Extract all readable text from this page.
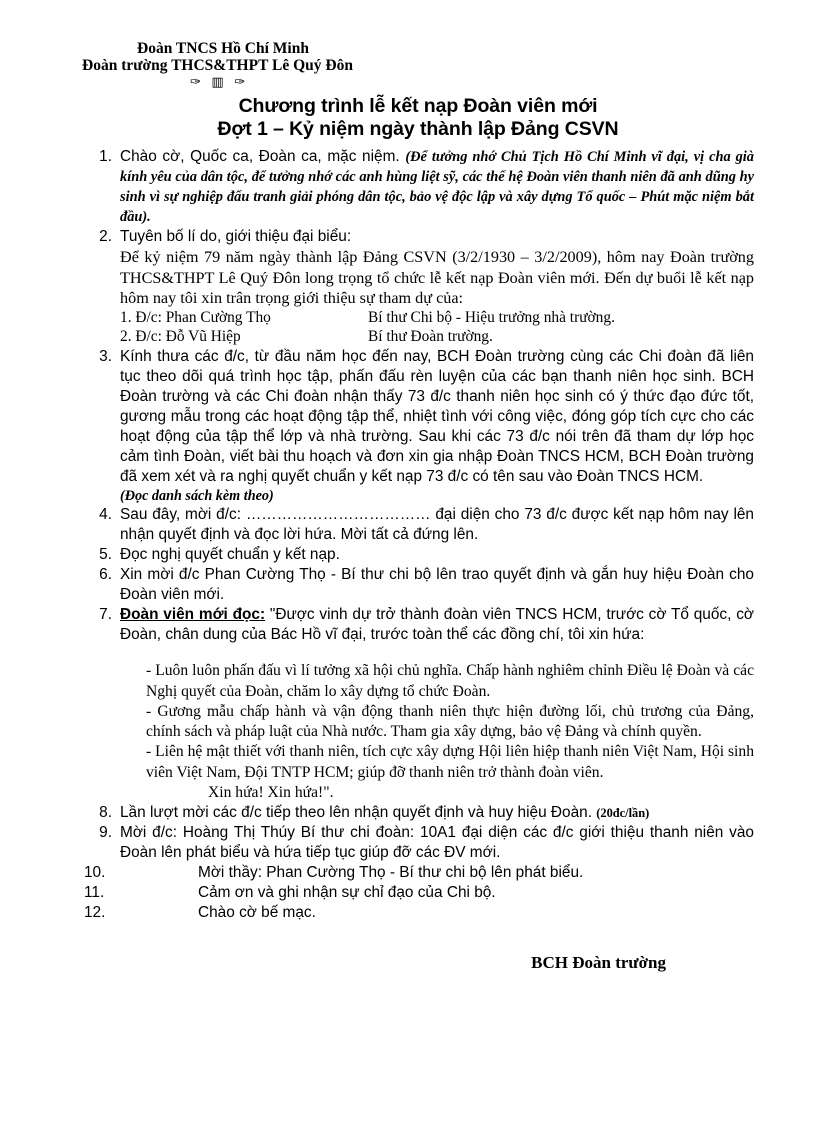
Đoàn TNCS Hồ Chí Minh
Đoàn trường THCS&THPT Lê Quý Đôn
✑ ▥ ✑
Chương trình lễ kết nạp Đoàn viên mới
Đợt 1 – Kỷ niệm ngày thành lập Đảng CSVN
1. Chào cờ, Quốc ca, Đoàn ca, mặc niệm. (Để tưởng nhớ Chủ Tịch Hồ Chí Minh vĩ đại, vị cha già kính yêu của dân tộc, để tưởng nhớ các anh hùng liệt sỹ, các thế hệ Đoàn viên thanh niên đã anh dũng hy sinh vì sự nghiệp đấu tranh giải phóng dân tộc, bảo vệ độc lập và xây dựng Tổ quốc – Phút mặc niệm bắt đầu).
2. Tuyên bố lí do, giới thiệu đại biểu:
Để kỷ niệm 79 năm ngày thành lập Đảng CSVN (3/2/1930 – 3/2/2009), hôm nay Đoàn trường THCS&THPT Lê Quý Đôn long trọng tổ chức lễ kết nạp Đoàn viên mới. Đến dự buổi lễ kết nạp hôm nay tôi xin trân trọng giới thiệu sự tham dự của:
1. Đ/c: Phan Cường Thọ	Bí thư Chi bộ - Hiệu trưởng nhà trường.
2. Đ/c: Đỗ Vũ Hiệp	Bí thư Đoàn trường.
3. Kính thưa các đ/c, từ đầu năm học đến nay, BCH Đoàn trường cùng các Chi đoàn đã liên tục theo dõi quá trình học tập, phấn đấu rèn luyện của các bạn thanh niên học sinh. BCH Đoàn trường và các Chi đoàn nhận thấy 73 đ/c thanh niên học sinh có ý thức đạo đức tốt, gương mẫu trong các hoạt động tập thể, nhiệt tình với công việc, đóng góp tích cực cho các hoạt động của tập thể lớp và nhà trường. Sau khi các 73 đ/c nói trên đã tham dự lớp học cảm tình Đoàn, viết bài thu hoạch và đơn xin gia nhập Đoàn TNCS HCM, BCH Đoàn trường đã xem xét và ra nghị quyết chuẩn y kết nạp 73 đ/c có tên sau vào Đoàn TNCS HCM.
(Đọc danh sách kèm theo)
4. Sau đây, mời đ/c: ……………………………… đại diện cho 73 đ/c được kết nạp hôm nay lên nhận quyết định và đọc lời hứa. Mời tất cả đứng lên.
5. Đọc nghị quyết chuẩn y kết nạp.
6. Xin mời đ/c Phan Cường Thọ - Bí thư chi bộ lên trao quyết định và gắn huy hiệu Đoàn cho Đoàn viên mới.
7. Đoàn viên mới đọc: "Được vinh dự trở thành đoàn viên TNCS HCM, trước cờ Tổ quốc, cờ Đoàn, chân dung của Bác Hồ vĩ đại, trước toàn thể các đồng chí, tôi xin hứa:

- Luôn luôn phấn đấu vì lí tưởng xã hội chủ nghĩa. Chấp hành nghiêm chỉnh Điều lệ Đoàn và các Nghị quyết của Đoàn, chăm lo xây dựng tổ chức Đoàn.

- Gương mẫu chấp hành và vận động thanh niên thực hiện đường lối, chủ trương của Đảng, chính sách và pháp luật của Nhà nước. Tham gia xây dựng, bảo vệ Đảng và chính quyền.

- Liên hệ mật thiết với thanh niên, tích cực xây dựng Hội liên hiệp thanh niên Việt Nam, Hội sinh viên Việt Nam, Đội TNTP HCM; giúp đỡ thanh niên trở thành đoàn viên.

Xin hứa! Xin hứa!".
8. Lần lượt mời các đ/c tiếp theo lên nhận quyết định và huy hiệu Đoàn. (20đc/lần)
9. Mời đ/c: Hoàng Thị Thúy Bí thư chi đoàn: 10A1 đại diện các đ/c giới thiệu thanh niên vào Đoàn lên phát biểu và hứa tiếp tục giúp đỡ các ĐV mới.
10.	Mời thầy: Phan Cường Thọ - Bí thư chi bộ lên phát biểu.
11.	Cảm ơn và ghi nhận sự chỉ đạo của Chi bộ.
12.	Chào cờ bế mạc.
BCH Đoàn trường
